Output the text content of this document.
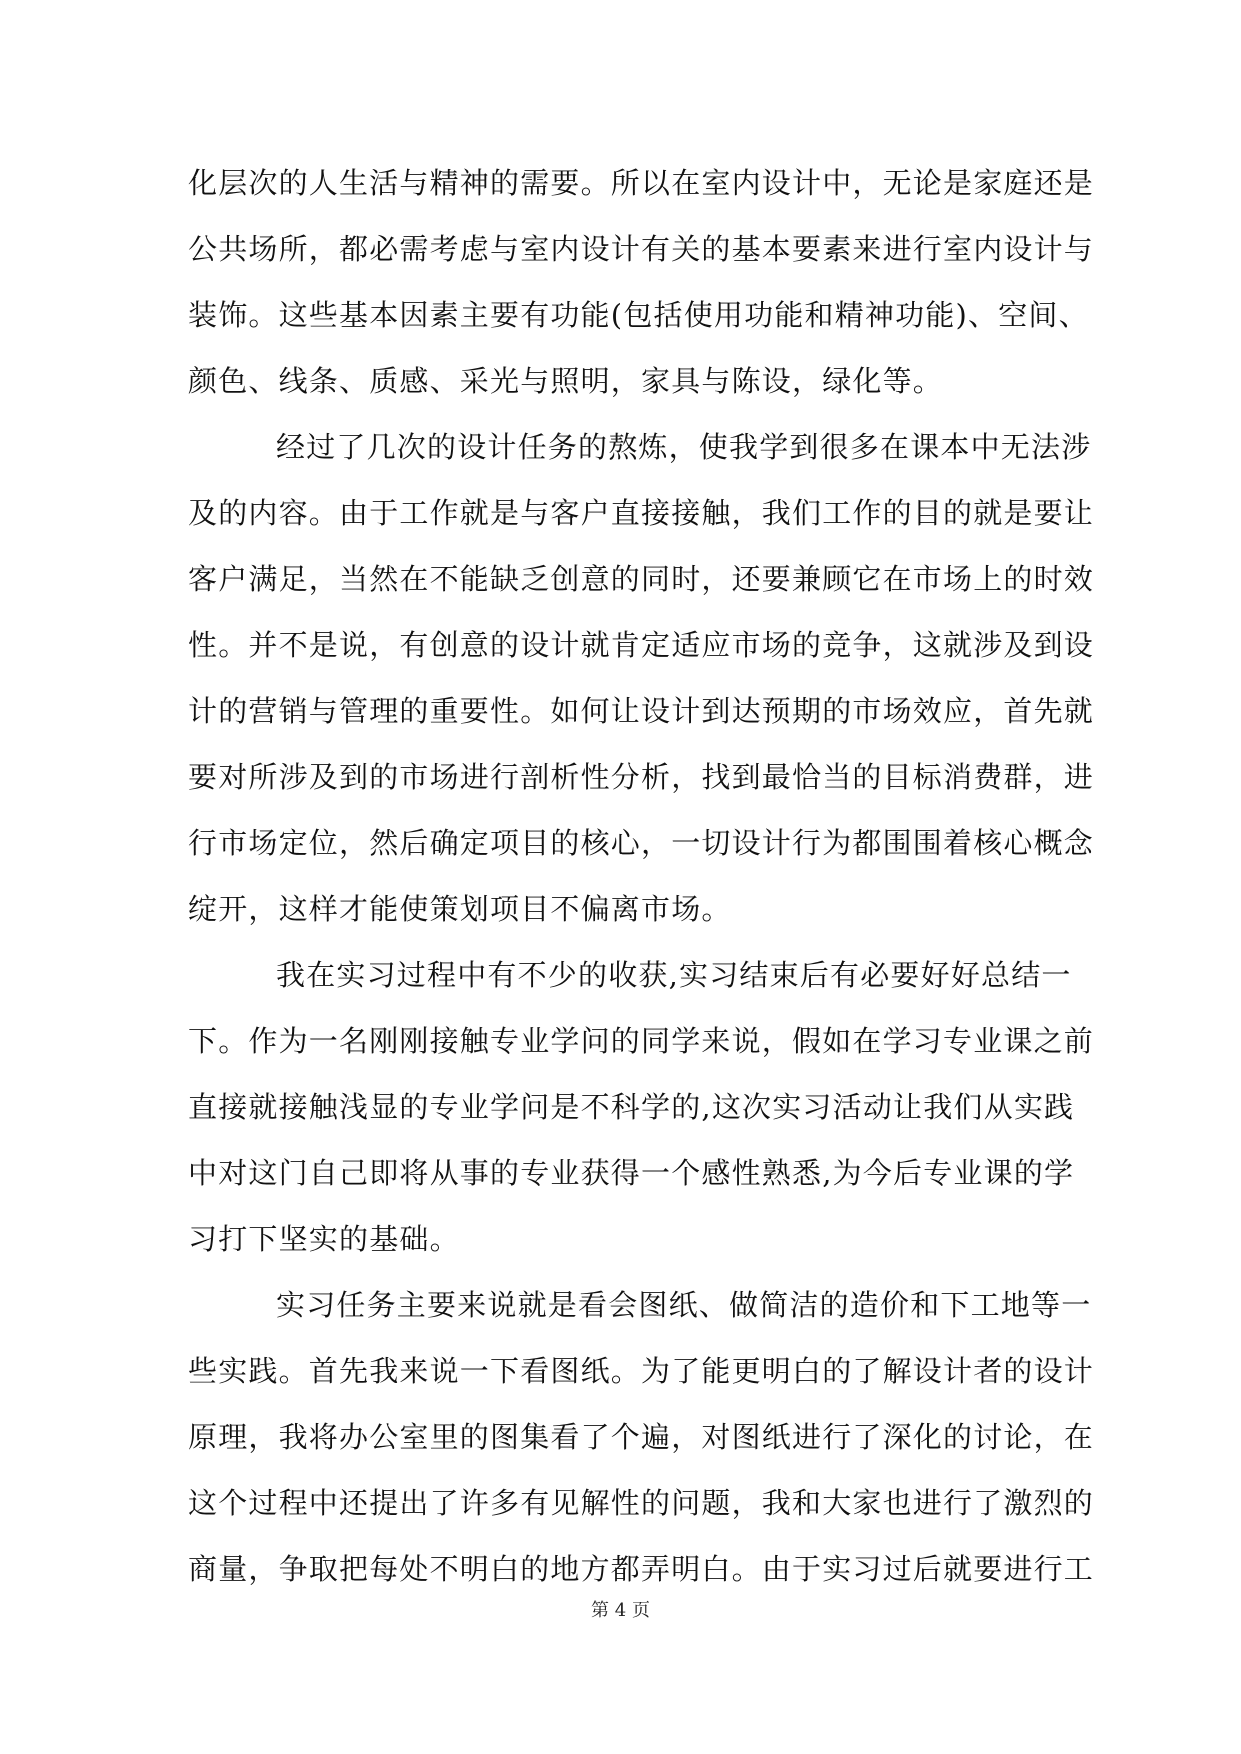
化层次的人生活与精神的需要。所以在室内设计中，无论是家庭还是
公共场所，都必需考虑与室内设计有关的基本要素来进行室内设计与
装饰。这些基本因素主要有功能(包括使用功能和精神功能)、空间、
颜色、线条、质感、采光与照明，家具与陈设，绿化等。
经过了几次的设计任务的熬炼，使我学到很多在课本中无法涉
及的内容。由于工作就是与客户直接接触，我们工作的目的就是要让
客户满足，当然在不能缺乏创意的同时，还要兼顾它在市场上的时效
性。并不是说，有创意的设计就肯定适应市场的竞争，这就涉及到设
计的营销与管理的重要性。如何让设计到达预期的市场效应，首先就
要对所涉及到的市场进行剖析性分析，找到最恰当的目标消费群，进
行市场定位，然后确定项目的核心，一切设计行为都围围着核心概念
绽开，这样才能使策划项目不偏离市场。
我在实习过程中有不少的收获,实习结束后有必要好好总结一
下。作为一名刚刚接触专业学问的同学来说，假如在学习专业课之前
直接就接触浅显的专业学问是不科学的,这次实习活动让我们从实践
中对这门自己即将从事的专业获得一个感性熟悉,为今后专业课的学
习打下坚实的基础。
实习任务主要来说就是看会图纸、做简洁的造价和下工地等一
些实践。首先我来说一下看图纸。为了能更明白的了解设计者的设计
原理，我将办公室里的图集看了个遍，对图纸进行了深化的讨论，在
这个过程中还提出了许多有见解性的问题，我和大家也进行了激烈的
商量，争取把每处不明白的地方都弄明白。由于实习过后就要进行工
第 4 页
